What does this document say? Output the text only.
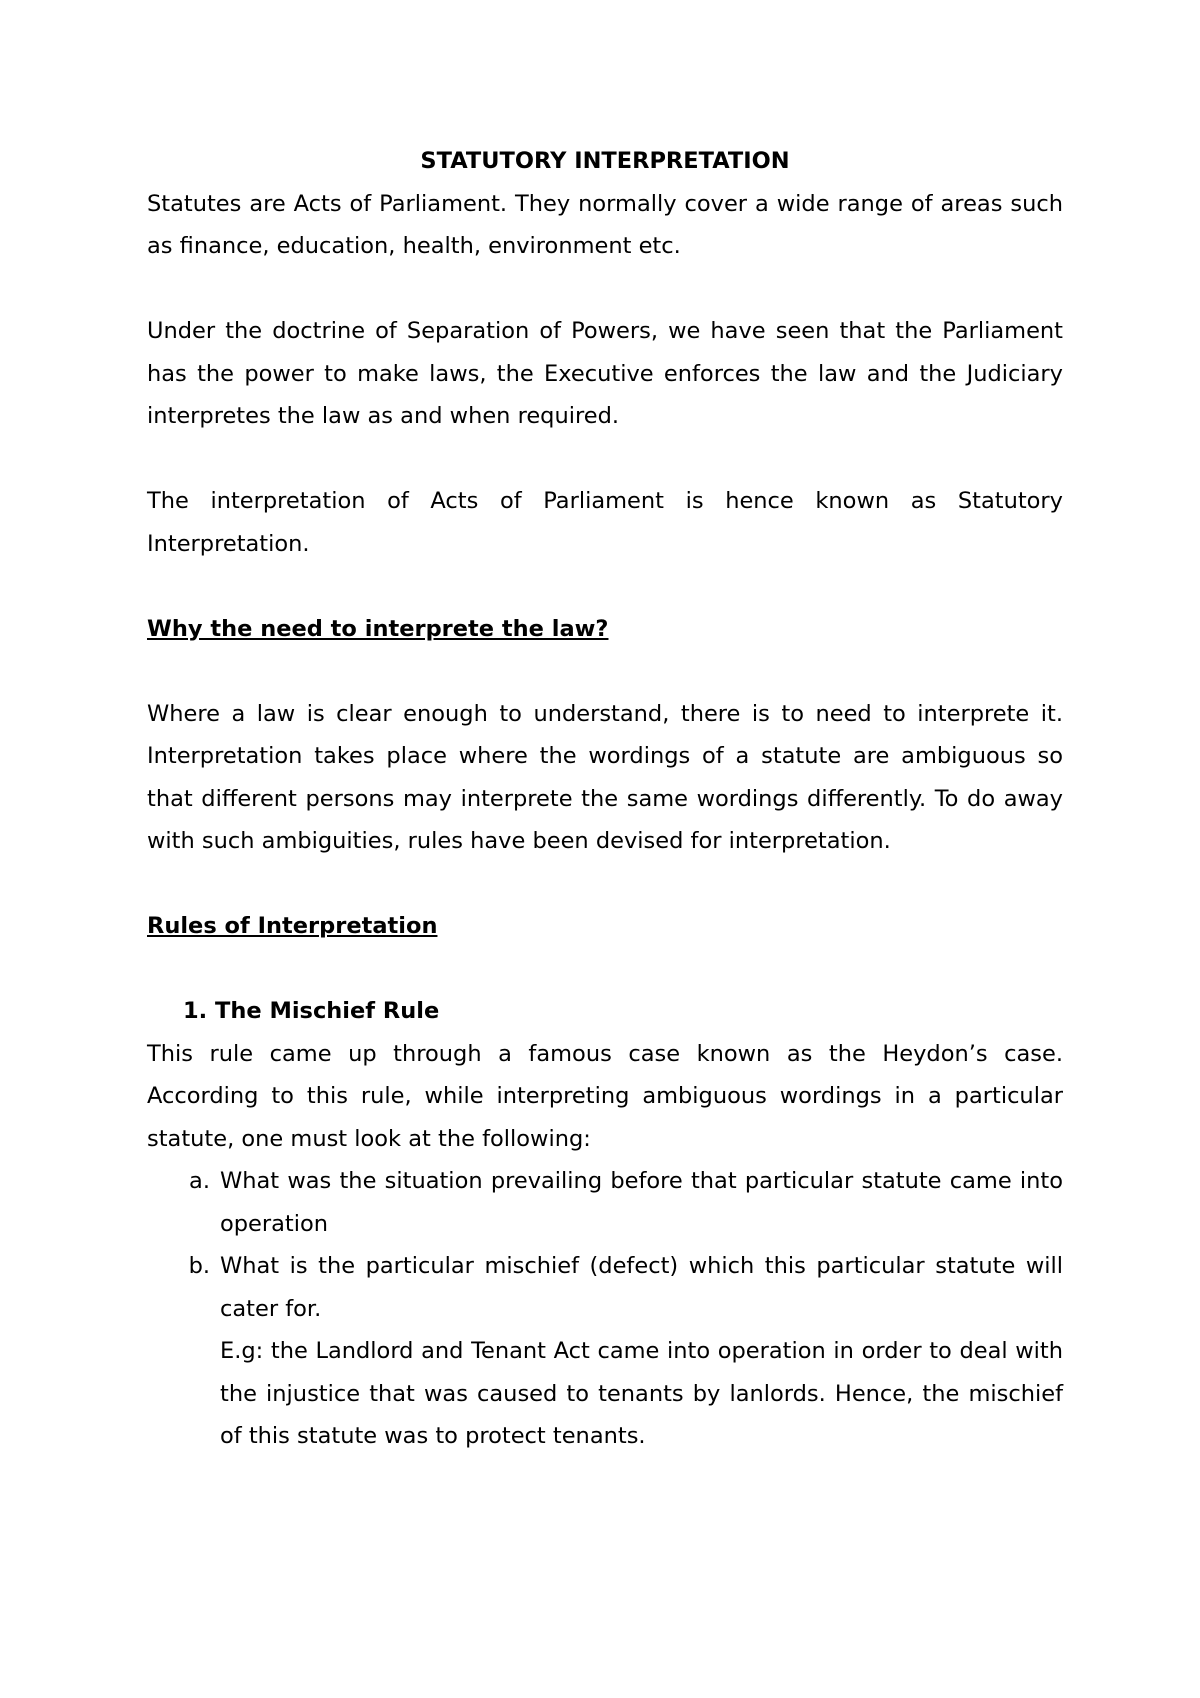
STATUTORY INTERPRETATION

Statutes are Acts of Parliament. They normally cover a wide range of areas such as finance, education, health, environment etc.

Under the doctrine of Separation of Powers, we have seen that the Parliament has the power to make laws, the Executive enforces the law and the Judiciary interpretes the law as and when required.

The interpretation of Acts of Parliament is hence known as Statutory Interpretation.

Why the need to interprete the law?

Where a law is clear enough to understand, there is to need to interprete it. Interpretation takes place where the wordings of a statute are ambiguous so that different persons may interprete the same wordings differently. To do away with such ambiguities, rules have been devised for interpretation.

Rules of Interpretation

1. The Mischief Rule

This rule came up through a famous case known as the Heydon’s case. According to this rule, while interpreting ambiguous wordings in a particular statute, one must look at the following:

a. What was the situation prevailing before that particular statute came into operation

b. What is the particular mischief (defect) which this particular statute will cater for.

E.g: the Landlord and Tenant Act came into operation in order to deal with the injustice that was caused to tenants by lanlords. Hence, the mischief of this statute was to protect tenants.
